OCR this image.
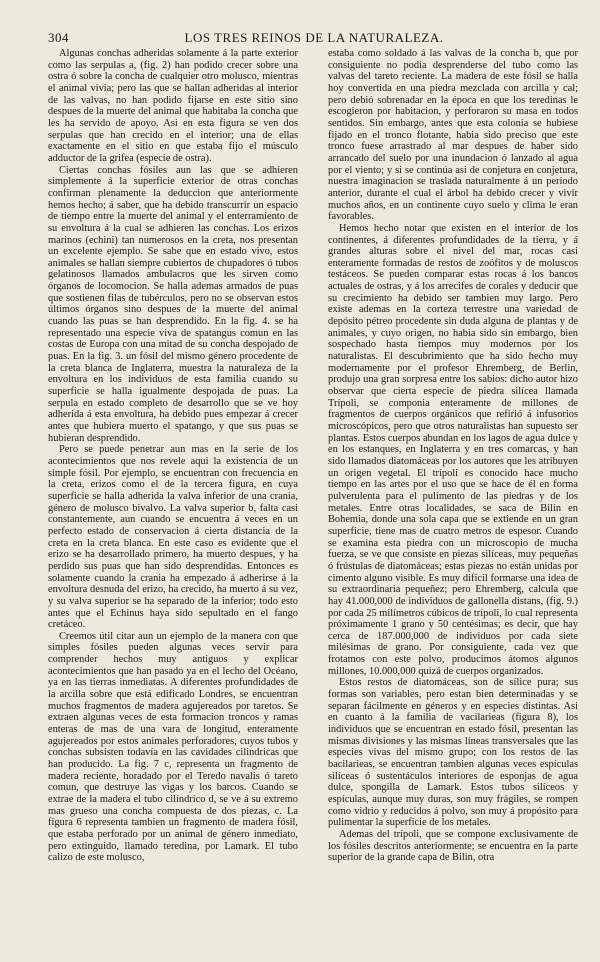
304	LOS TRES REINOS DE LA NATURALEZA.

Algunas conchas adheridas solamente á la parte exterior como las serpulas a, (fig. 2) han podido crecer sobre una ostra ó sobre la concha de cualquier otro molusco, mientras el animal vivia; pero las que se hallan adheridas al interior de las valvas, no han podido fijarse en este sitio sino despues de la muerte del animal que habitaba la concha que les ha servido de apoyo. Asi en esta figura se ven dos serpulas que han crecido en el interior; una de ellas exactamente en el sitio en que estaba fijo el músculo adductor de la grifea (especie de ostra).

Ciertas conchas fósiles aun las que se adhieren simplemente á la superficie exterior de otras conchas confirman plenamente la deduccion que anteriormente hemos hecho; á saber, que ha debido transcurrir un espacio de tiempo entre la muerte del animal y el enterramiento de su envoltura á la cual se adhieren las conchas. Los erizos marinos (echini) tan numerosos en la creta, nos presentan un excelente ejemplo. Se sabe que en estado vivo, estos animales se hallan siempre cubiertos de chupadores ó tubos gelatinosos llamados ambulacros que les sirven como órganos de locomocion. Se halla ademas armados de puas que sostienen filas de tubérculos, pero no se observan estos últimos órganos sino despues de la muerte del animal cuando las puas se han desprendido. En la fig. 4. se ha representado una especie viva de spatangus comun en las costas de Europa con una mitad de su concha despojado de puas. En la fig. 3. un fósil del mismo género procedente de la creta blanca de Inglaterra, muestra la naturaleza de la envoltura en los individuos de esta familia cuando su superficie se halla igualmente despojada de puas. La serpula en estado completo de desarrollo que se ve hoy adherida á esta envoltura, ha debido pues empezar á crecer antes que hubiera muerto el spatango, y que sus puas se hubieran desprendido.

Pero se puede penetrar aun mas en la serie de los acontecimientos que nos revele aqui la existencia de un simple fósil. Por ejemplo, se encuentran con frecuencia en la creta, erizos como el de la tercera figura, en cuya superficie se halla adherida la valva inferior de una crania, género de molusco bivalvo. La valva superior b, falta casi constantemente, aun cuando se encuentra á veces en un perfecto estado de conservacion á cierta distancia de la creta en la creta blanca. En este caso es evidente que el erizo se ha desarrollado primero, ha muerto despues, y ha perdido sus puas que han sido desprendidas. Entonces es solamente cuando la crania ha empezado á adherirse á la envoltura desnuda del erizo, ha crecido, ha muerto á su vez, y su valva superior se ha separado de la inferior; todo esto antes que el Echinus haya sido sepultado en el fango cretáceo.

Creemos útil citar aun un ejemplo de la manera con que simples fósiles pueden algunas veces servir para comprender hechos muy antiguos y explicar acontecimientos que han pasado ya en el lecho del Océano, ya en las tierras inmediatas. A diferentes profundidades de la arcilla sobre que está edificado Londres, se encuentran muchos fragmentos de madera agujereados por taretos. Se extraen algunas veces de esta formacion troncos y ramas enteras de mas de una vara de longitud, enteramente agujereados por estos animales perforadores, cuyos tubos y conchas subsisten todavía en las cavidades cilindricas que han producido. La fig. 7 c, representa un fragmento de madera reciente, horadado por el Teredo navalis ó tareto comun, que destruye las vigas y los barcos. Cuando se extrae de la madera el tubo cilíndrico d, se ve á su extremo mas grueso una concha compuesta de dos piezas, c. La figura 6 representa tambien un fragmento de madera fósil, que estaba perforado por un animal de género inmediato, pero extinguido, llamado teredina, por Lamark. El tubo calizo de este molusco,

estaba como soldado á las valvas de la concha b, que por consiguiente no podia desprenderse del tubo como las valvas del tareto reciente. La madera de este fósil se halla hoy convertida en una piedra mezclada con arcilla y cal; pero debió sobrenadar en la época en que los teredinas le escogieron por habitacion, y perforaron su masa en todos sentidos. Sin embargo, antes que esta colonia se hubiese fijado en el tronco flotante, habia sido preciso que este tronco fuese arrastrado al mar despues de haber sido arrancado del suelo por una inundacion ó lanzado al agua por el viento; y si se continúa asi de conjetura en conjetura, nuestra imaginacion se traslada naturalmente á un período anterior, durante el cual el árbol ha debido crecer y vivir muchos años, en un continente cuyo suelo y clima le eran favorables.

Hemos hecho notar que existen en el interior de los continentes, á diferentes profundidades de la tierra, y á grandes alturas sobre el nivel del mar, rocas casi enteramente formadas de restos de zoófitos y de moluscos testáceos. Se pueden comparar estas rocas á los bancos actuales de ostras, y á los arrecifes de corales y deducir que su crecimiento ha debido ser tambien muy largo. Pero existe ademas en la corteza terrestre una variedad de depósito pétreo procedente sin duda alguna de plantas y de animales, y cuyo origen, no habia sido sin embargo, bien sospechado hasta tiempos muy modernos por los naturalistas. El descubrimiento que ha sido hecho muy modernamente por el profesor Ehremberg, de Berlin, produjo una gran sorpresa entre los sabios: dicho autor hizo observar que cierta especie de piedra silícea llamada Trípoli, se componia enteramente de millones de fragmentos de cuerpos orgánicos que refirió á infusorios microscópicos, pero que otros naturalistas han supuesto ser plantas. Estos cuerpos abundan en los lagos de agua dulce y en los estanques, en Inglaterra y en tres comarcas, y han sido llamados diatomáceas por los autores que les atribuyen un origen vegetal. El trípoli es conocido hace mucho tiempo en las artes por el uso que se hace de él en forma pulverulenta para el pulimento de las piedras y de los metales. Entre otras localidades, se saca de Bilin en Bohemia, donde una sola capa que se extiende en un gran superficie, tiene mas de cuatro metros de espesor. Cuando se examina esta piedra con un microscopio de mucha fuerza, se ve que consiste en piezas silíceas, muy pequeñas ó frústulas de diatomáceas; estas piezas no están unidas por cimento alguno visible. Es muy difícil formarse una idea de su extraordinaria pequeñez; pero Ehremberg, calcula que hay 41.000,000 de individuos de gallonella distans, (fig. 9.) por cada 25 milímetros cúbicos de trípoli, lo cual representa próximamente 1 grano y 50 centésimas; es decir, que hay cerca de 187.000,000 de individuos por cada siete milésimas de grano. Por consiguiente, cada vez que frotamos con este polvo, producimos átomos algunos millones, 10.000,000 quizá de cuerpos organizados.

Estos restos de diatomáceas, son de sílice pura; sus formas son variables, pero estan bien determinadas y se separan fácilmente en géneros y en especies distintas. Asi en cuanto á la familia de vacilarieas (figura 8), los individuos que se encuentran en estado fósil, presentan las mismas divisiones y las mismas líneas transversales que las especies vivas del mismo grupo; con los restos de las bacilarieas, se encuentran tambien algunas veces espículas silíceas ó sustentáculos interiores de esponjas de agua dulce, spongilla de Lamark. Estos tubos silíceos y espículas, aunque muy duras, son muy frágiles, se rompen como vidrio y reducidos á polvo, son muy á propósito para pulimentar la superficie de los metales.

Ademas del trípoli, que se compone exclusivamente de los fósiles descritos anteriormente; se encuentra en la parte superior de la grande capa de Bilin, otra
